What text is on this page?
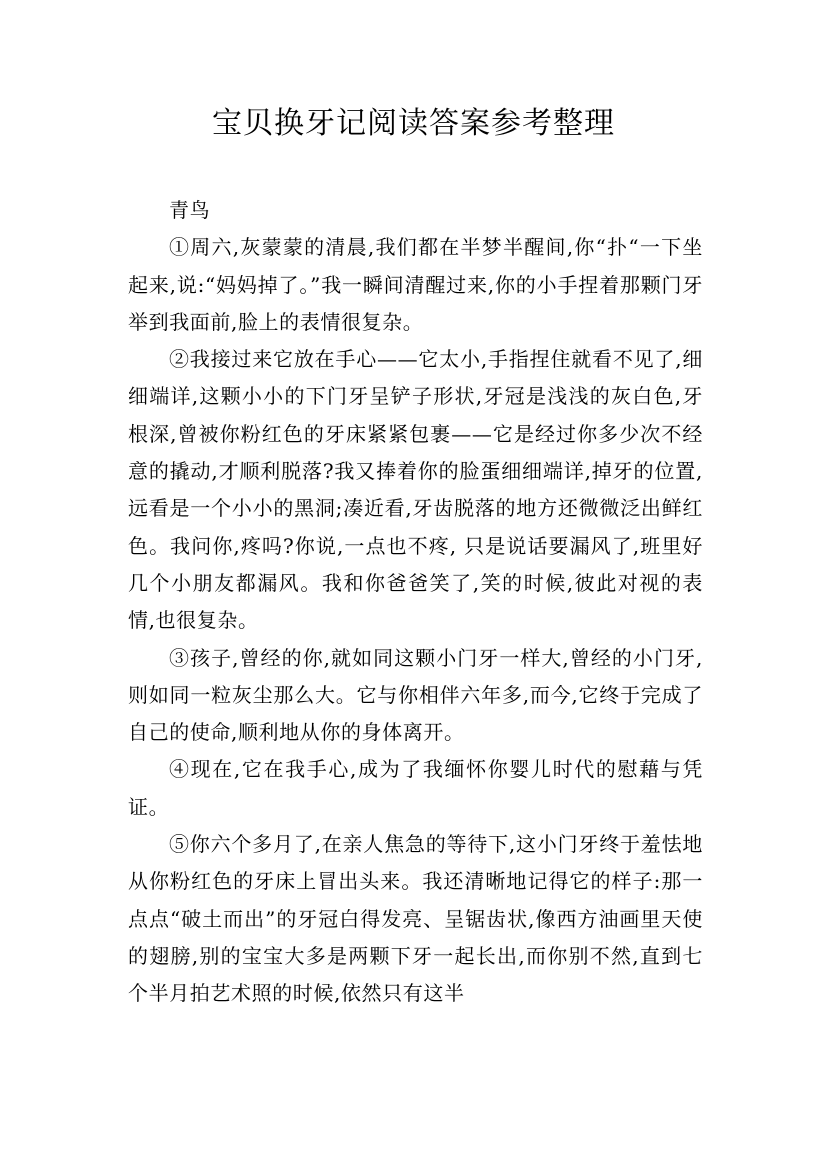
宝贝换牙记阅读答案参考整理

青鸟

①周六,灰蒙蒙的清晨,我们都在半梦半醒间,你“扑“一下坐起来,说:“妈妈掉了。”我一瞬间清醒过来,你的小手捏着那颗门牙举到我面前,脸上的表情很复杂。

②我接过来它放在手心——它太小,手指捏住就看不见了,细细端详,这颗小小的下门牙呈铲子形状,牙冠是浅浅的灰白色,牙根深,曾被你粉红色的牙床紧紧包裹——它是经过你多少次不经意的撬动,才顺利脱落?我又捧着你的脸蛋细细端详,掉牙的位置,远看是一个小小的黑洞;凑近看,牙齿脱落的地方还微微泛出鲜红色。我问你,疼吗?你说,一点也不疼, 只是说话要漏风了,班里好几个小朋友都漏风。我和你爸爸笑了,笑的时候,彼此对视的表情,也很复杂。

③孩子,曾经的你,就如同这颗小门牙一样大,曾经的小门牙,则如同一粒灰尘那么大。它与你相伴六年多,而今,它终于完成了自己的使命,顺利地从你的身体离开。

④现在,它在我手心,成为了我缅怀你婴儿时代的慰藉与凭证。

⑤你六个多月了,在亲人焦急的等待下,这小门牙终于羞怯地从你粉红色的牙床上冒出头来。我还清晰地记得它的样子:那一点点“破土而出”的牙冠白得发亮、呈锯齿状,像西方油画里天使的翅膀,别的宝宝大多是两颗下牙一起长出,而你别不然,直到七个半月拍艺术照的时候,依然只有这半
